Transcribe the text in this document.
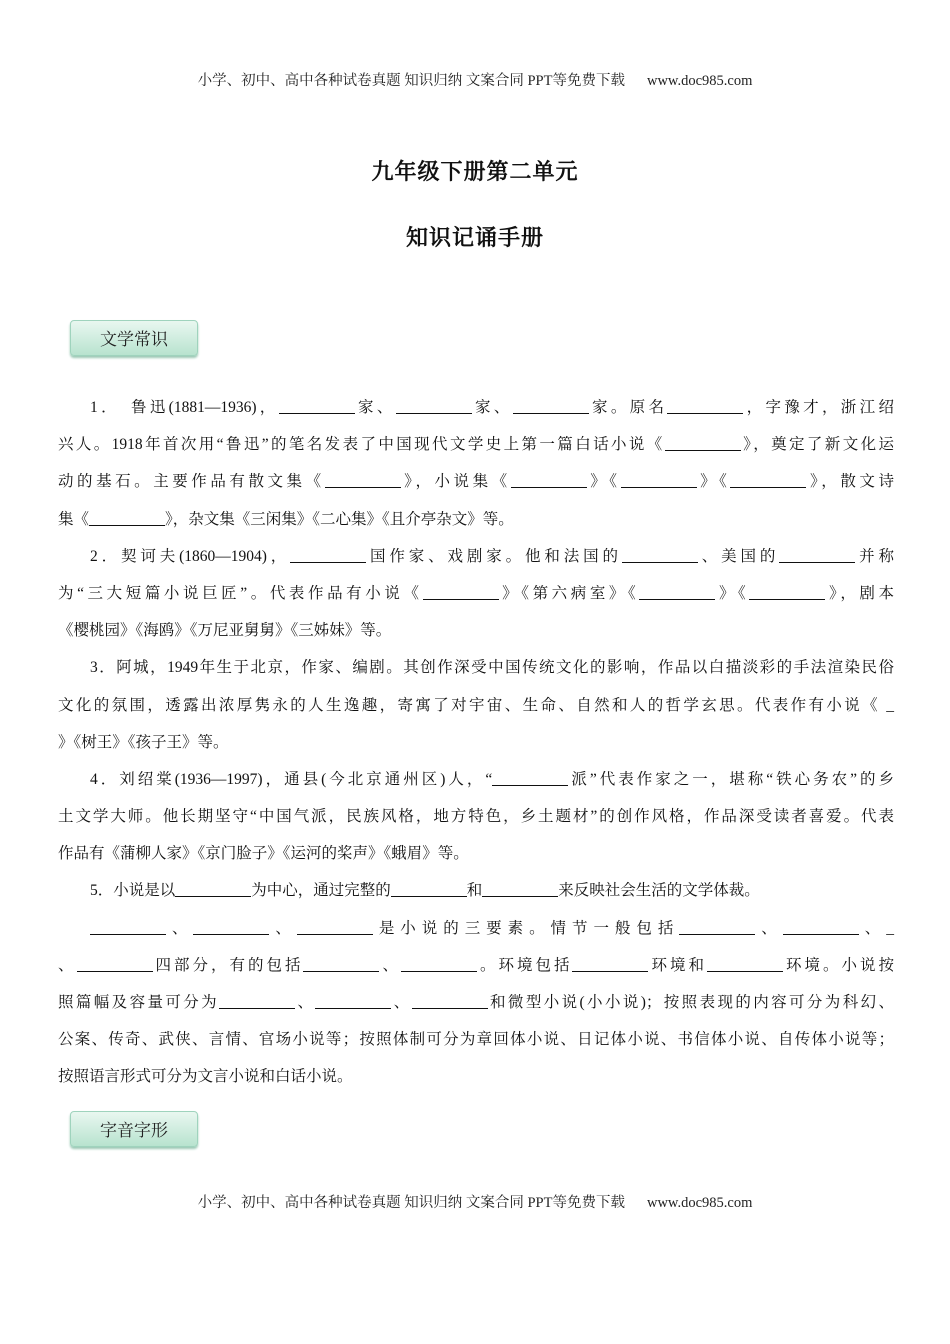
小学、初中、高中各种试卷真题 知识归纳 文案合同 PPT等免费下载 www.doc985.com
九年级下册第二单元
知识记诵手册
文学常识
1．　鲁迅(1881—1936)，	家、	家、	家。原名	，字豫才，浙江绍
兴人。1918年首次用“鲁迅”的笔名发表了中国现代文学史上第一篇白话小说《	》，奠定了新文化运
动的基石。主要作品有散文集《	》，小说集《	》《	》《	》，散文诗
集《	》，杂文集《三闲集》《二心集》《且介亭杂文》等。
2．契诃夫(1860—1904)，	国作家、戏剧家。他和法国的	、美国的	并称
为“三大短篇小说巨匠”。代表作品有小说《	》《第六病室》《	》《	》，剧本
《樱桃园》《海鸥》《万尼亚舅舅》《三姊妹》等。
3．阿城，1949年生于北京，作家、编剧。其创作深受中国传统文化的影响，作品以白描淡彩的手法渲染民俗
文化的氛围，透露出浓厚隽永的人生逸趣，寄寓了对宇宙、生命、自然和人的哲学玄思。代表作有小说《 _
》《树王》《孩子王》等。
4．刘绍棠(1936—1997)，通县(今北京通州区)人，“	派”代表作家之一，堪称“铁心务农”的乡
土文学大师。他长期坚守“中国气派，民族风格，地方特色，乡土题材”的创作风格，作品深受读者喜爱。代表
作品有《蒲柳人家》《京门脸子》《运河的桨声》《蛾眉》等。
5．小说是以	为中心，通过完整的	和	来反映社会生活的文学体裁。
、	、	是小说的三要素。情节一般包括	、	、_
、	四部分，有的包括	、	。环境包括	环境和	环境。小说按
照篇幅及容量可分为	、	、	和微型小说(小小说)；按照表现的内容可分为科幻、
公案、传奇、武侠、言情、官场小说等；按照体制可分为章回体小说、日记体小说、书信体小说、自传体小说等；
按照语言形式可分为文言小说和白话小说。
字音字形
小学、初中、高中各种试卷真题 知识归纳 文案合同 PPT等免费下载 www.doc985.com
